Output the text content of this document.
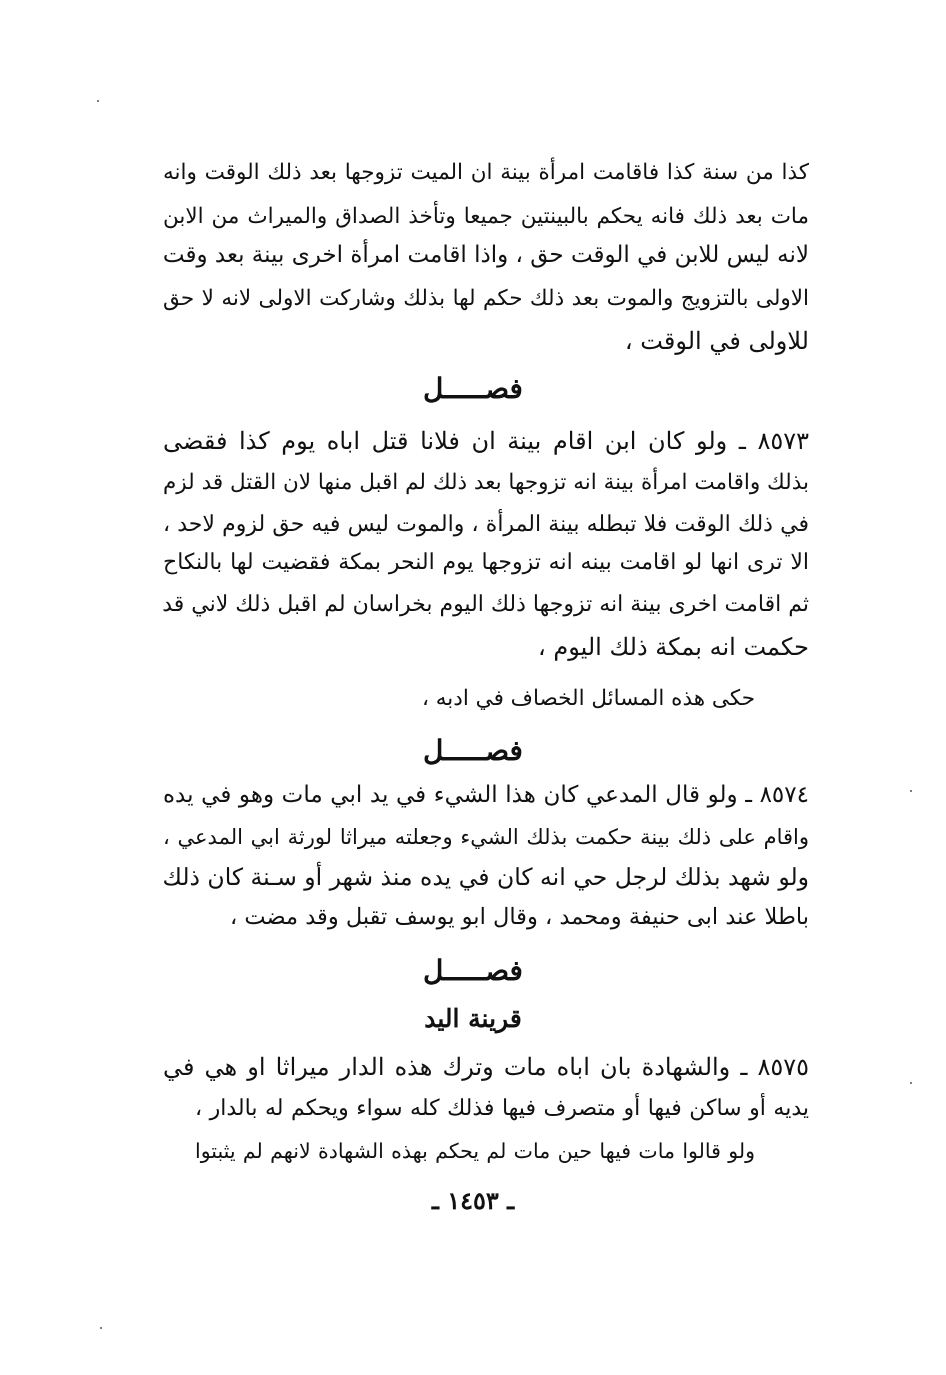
كذا من سنة كذا فاقامت امرأة بينة ان الميت تزوجها بعد ذلك الوقت وانه
مات بعد ذلك فانه يحكم بالبينتين جميعا وتأخذ الصداق والميراث من الابن
لانه ليس للابن في الوقت حق ، واذا اقامت امرأة اخرى بينة بعد وقت
الاولى بالتزويج والموت بعد ذلك حكم لها بذلك وشاركت الاولى لانه لا حق
للاولى في الوقت ،
فصـــــل
٨٥٧٣ ـ ولو كان ابن اقام بينة ان فلانا قتل اباه يوم كذا فقضى
بذلك واقامت امرأة بينة انه تزوجها بعد ذلك لم اقبل منها لان القتل قد لزم
في ذلك الوقت فلا تبطله بينة المرأة ، والموت ليس فيه حق لزوم لاحد ،
الا ترى انها لو اقامت بينه انه تزوجها يوم النحر بمكة فقضيت لها بالنكاح
ثم اقامت اخرى بينة انه تزوجها ذلك اليوم بخراسان لم اقبل ذلك لاني قد
حكمت انه بمكة ذلك اليوم ،
حكى هذه المسائل الخصاف في ادبه ،
فصـــــل
٨٥٧٤ ـ ولو قال المدعي كان هذا الشيء في يد ابي مات وهو في يده
واقام على ذلك بينة حكمت بذلك الشيء وجعلته ميراثا لورثة ابي المدعي ،
ولو شهد بذلك لرجل حي انه كان في يده منذ شهر أو سـنة كان ذلك
باطلا عند ابى حنيفة ومحمد ، وقال ابو يوسف تقبل وقد مضت ،
فصـــــل
قرينة اليد
٨٥٧٥ ـ والشهادة بان اباه مات وترك هذه الدار ميراثا او هي في
يديه أو ساكن فيها أو متصرف فيها فذلك كله سواء ويحكم له بالدار ،
ولو قالوا مات فيها حين مات لم يحكم بهذه الشهادة لانهم لم يثبتوا
ـ ١٤٥٣ ـ
